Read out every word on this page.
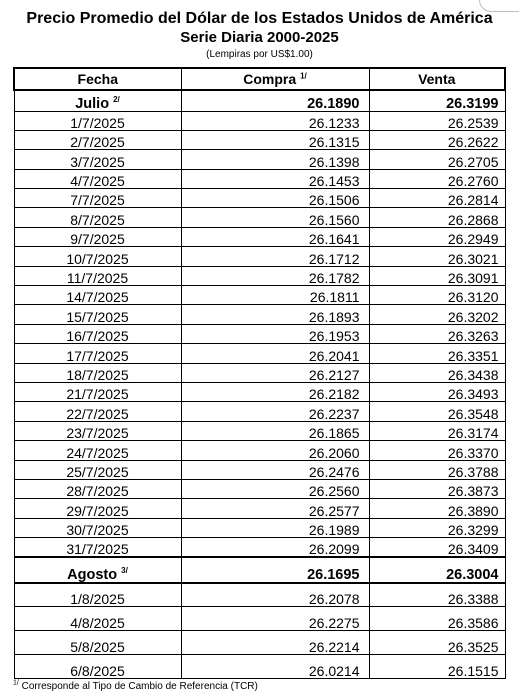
Precio Promedio del Dólar de los Estados Unidos de América
Serie Diaria 2000-2025
(Lempiras por US$1.00)
Fecha	Compra $^{1/}$	Venta
Julio $^{2/}$	26.1890	26.3199
1/7/2025	26.1233	26.2539
2/7/2025	26.1315	26.2622
3/7/2025	26.1398	26.2705
4/7/2025	26.1453	26.2760
7/7/2025	26.1506	26.2814
8/7/2025	26.1560	26.2868
9/7/2025	26.1641	26.2949
10/7/2025	26.1712	26.3021
11/7/2025	26.1782	26.3091
14/7/2025	26.1811	26.3120
15/7/2025	26.1893	26.3202
16/7/2025	26.1953	26.3263
17/7/2025	26.2041	26.3351
18/7/2025	26.2127	26.3438
21/7/2025	26.2182	26.3493
22/7/2025	26.2237	26.3548
23/7/2025	26.1865	26.3174
24/7/2025	26.2060	26.3370
25/7/2025	26.2476	26.3788
28/7/2025	26.2560	26.3873
29/7/2025	26.2577	26.3890
30/7/2025	26.1989	26.3299
31/7/2025	26.2099	26.3409
Agosto $^{3/}$	26.1695	26.3004
1/8/2025	26.2078	26.3388
4/8/2025	26.2275	26.3586
5/8/2025	26.2214	26.3525
6/8/2025	26.0214	26.1515
$^{1/}$ Corresponde al Tipo de Cambio de Referencia (TCR)
